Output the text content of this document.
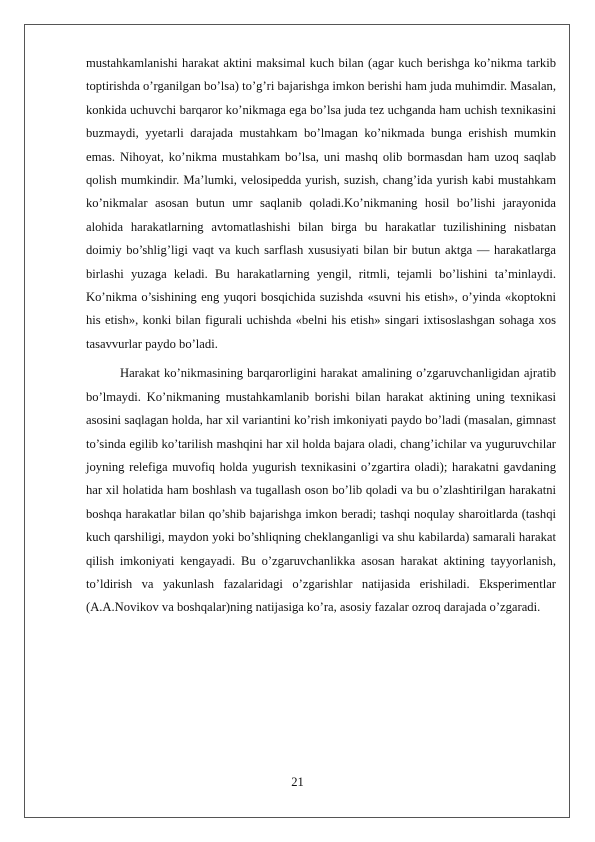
mustahkamlanishi harakat aktini maksimal kuch bilan (agar kuch berishga ko’nikma tarkib toptirishda o’rganilgan bo’lsa) to’g’ri bajarishga imkon berishi ham juda muhimdir. Masalan, konkida uchuvchi barqaror ko’nikmaga ega bo’lsa juda tez uchganda ham uchish texnikasini buzmaydi, yyetarli darajada mustahkam bo’lmagan ko’nikmada bunga erishish mumkin emas. Nihoyat, ko’nikma mustahkam bo’lsa, uni mashq olib bormasdan ham uzoq saqlab qolish mumkindir. Ma’lumki, velosipedda yurish, suzish, chang’ida yurish kabi mustahkam ko’nikmalar asosan butun umr saqlanib qoladi.Ko’nikmaning hosil bo’lishi jarayonida alohida harakatlarning avtomatlashishi bilan birga bu harakatlar tuzilishining nisbatan doimiy bo’shlig’ligi vaqt va kuch sarflash xususiyati bilan bir butun aktga — harakatlarga birlashi yuzaga keladi. Bu harakatlarning yengil, ritmli, tejamli bo’lishini ta’minlaydi. Ko’nikma o’sishining eng yuqori bosqichida suzishda «suvni his etish», o’yinda «koptokni his etish», konki bilan figurali uchishda «belni his etish» singari ixtisoslashgan sohaga xos tasavvurlar paydo bo’ladi.

Harakat ko’nikmasining barqarorligini harakat amalining o’zgaruvchanligidan ajratib bo’lmaydi. Ko’nikmaning mustahkamlanib borishi bilan harakat aktining uning texnikasi asosini saqlagan holda, har xil variantini ko’rish imkoniyati paydo bo’ladi (masalan, gimnast to’sinda egilib ko’tarilish mashqini har xil holda bajara oladi, chang’ichilar va yuguruvchilar joyning relefiga muvofiq holda yugurish texnikasini o’zgartira oladi); harakatni gavdaning har xil holatida ham boshlash va tugallash oson bo’lib qoladi va bu o’zlashtirilgan harakatni boshqa harakatlar bilan qo’shib bajarishga imkon beradi; tashqi noqulay sharoitlarda (tashqi kuch qarshiligi, maydon yoki bo’shliqning cheklanganligi va shu kabilarda) samarali harakat qilish imkoniyati kengayadi. Bu o’zgaruvchanlikka asosan harakat aktining tayyorlanish, to’ldirish va yakunlash fazalaridagi o’zgarishlar natijasida erishiladi. Eksperimentlar (A.A.Novikov va boshqalar)ning natijasiga ko’ra, asosiy fazalar ozroq darajada o’zgaradi.

21
